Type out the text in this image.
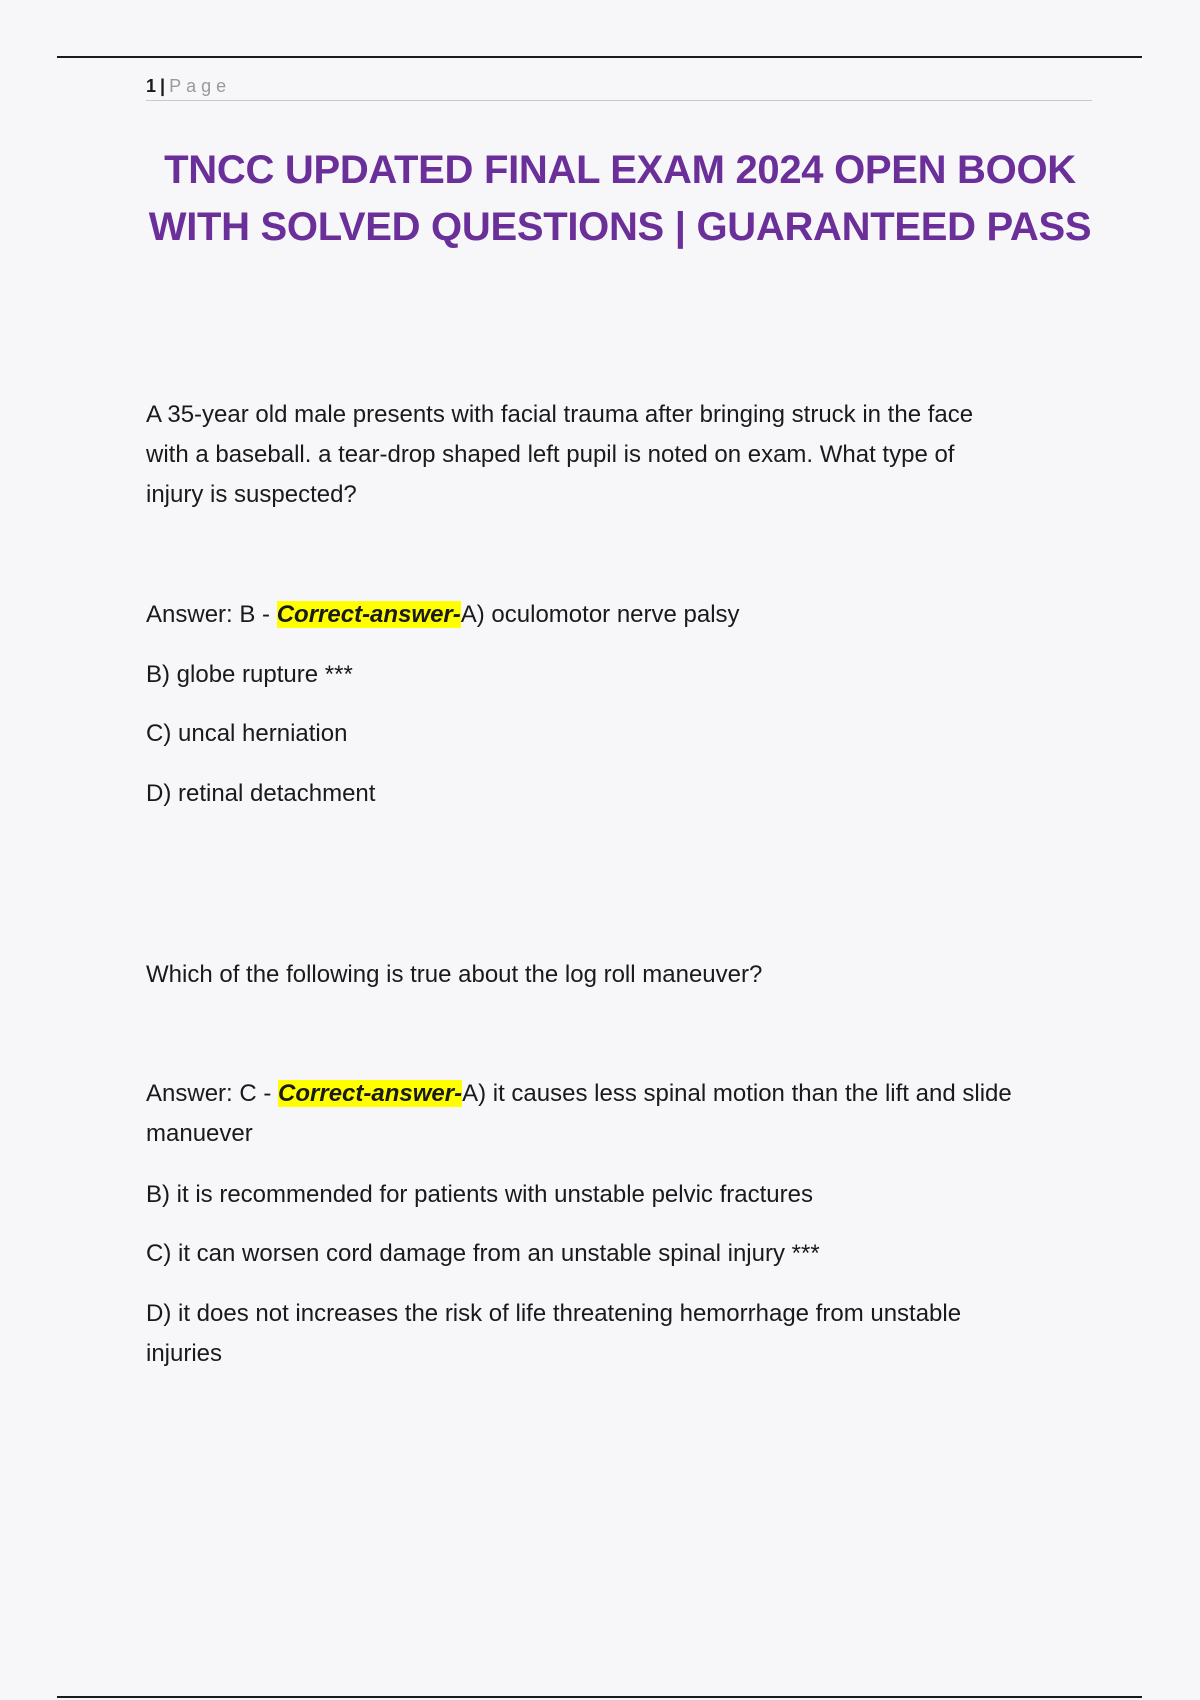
1 | Page
TNCC UPDATED FINAL EXAM 2024 OPEN BOOK
WITH SOLVED QUESTIONS | GUARANTEED PASS
A 35-year old male presents with facial trauma after bringing struck in the face
with a baseball. a tear-drop shaped left pupil is noted on exam. What type of
injury is suspected?
Answer: B - Correct-answer-A) oculomotor nerve palsy
B) globe rupture ***
C) uncal herniation
D) retinal detachment
Which of the following is true about the log roll maneuver?
Answer: C - Correct-answer-A) it causes less spinal motion than the lift and slide
manuever
B) it is recommended for patients with unstable pelvic fractures
C) it can worsen cord damage from an unstable spinal injury ***
D) it does not increases the risk of life threatening hemorrhage from unstable
injuries
